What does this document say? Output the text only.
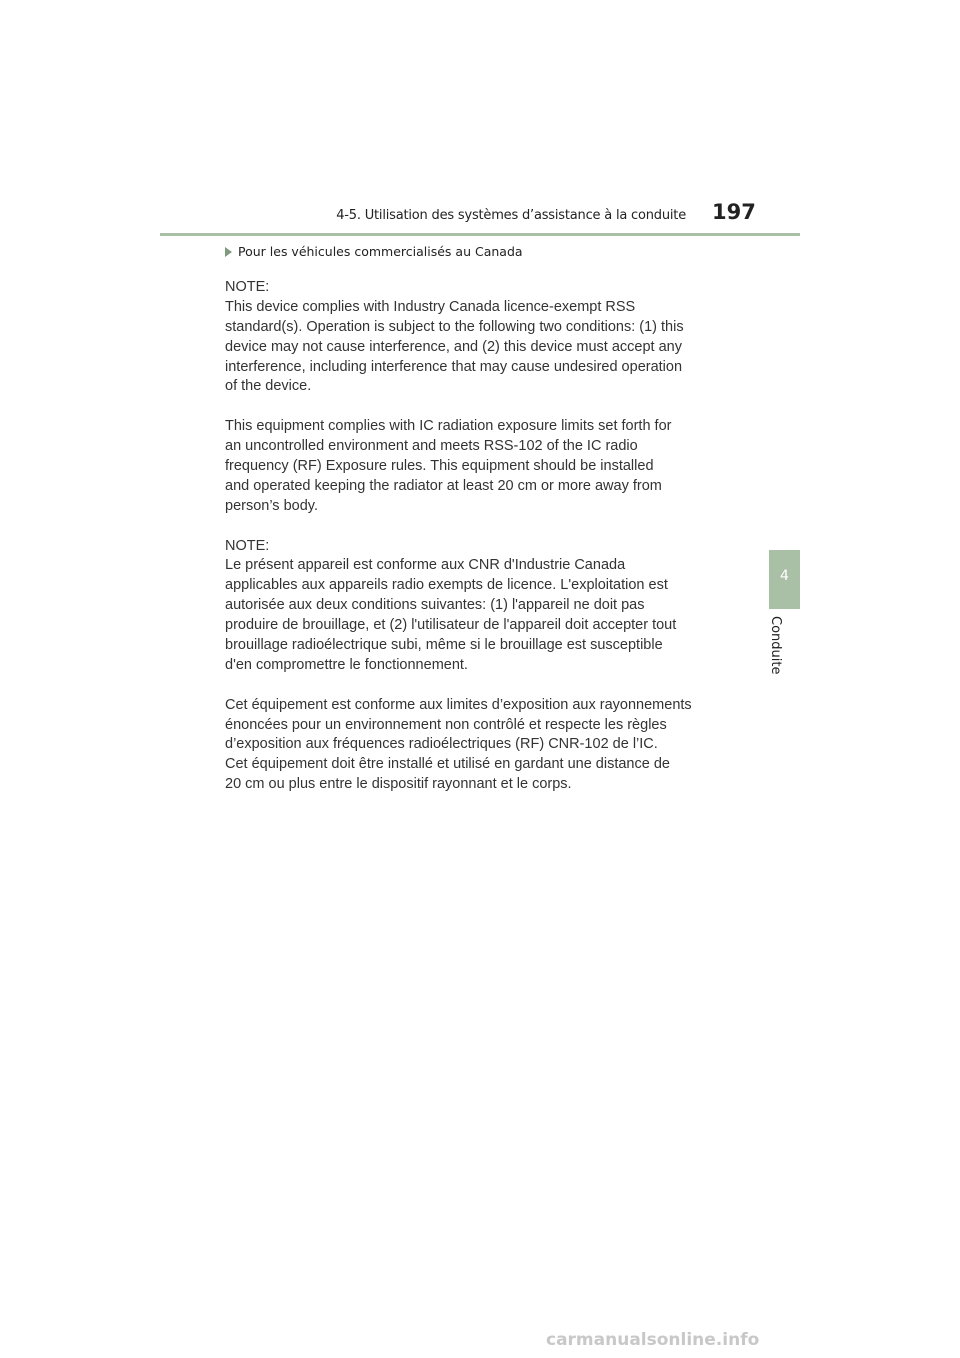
4-5. Utilisation des systèmes d’assistance à la conduite 197
4
Conduite
Pour les véhicules commercialisés au Canada
NOTE:
This device complies with Industry Canada licence-exempt RSS
standard(s). Operation is subject to the following two conditions: (1) this
device may not cause interference, and (2) this device must accept any
interference, including interference that may cause undesired operation
of the device.
This equipment complies with IC radiation exposure limits set forth for
an uncontrolled environment and meets RSS-102 of the IC radio
frequency (RF) Exposure rules. This equipment should be installed
and operated keeping the radiator at least 20 cm or more away from
person’s body.
NOTE:
Le présent appareil est conforme aux CNR d'Industrie Canada
applicables aux appareils radio exempts de licence. L'exploitation est
autorisée aux deux conditions suivantes: (1) l'appareil ne doit pas
produire de brouillage, et (2) l'utilisateur de l'appareil doit accepter tout
brouillage radioélectrique subi, même si le brouillage est susceptible
d'en compromettre le fonctionnement.
Cet équipement est conforme aux limites d’exposition aux rayonnements
énoncées pour un environnement non contrôlé et respecte les règles
d’exposition aux fréquences radioélectriques (RF) CNR-102 de l’IC.
Cet équipement doit être installé et utilisé en gardant une distance de
20 cm ou plus entre le dispositif rayonnant et le corps.
carmanualsonline.info
